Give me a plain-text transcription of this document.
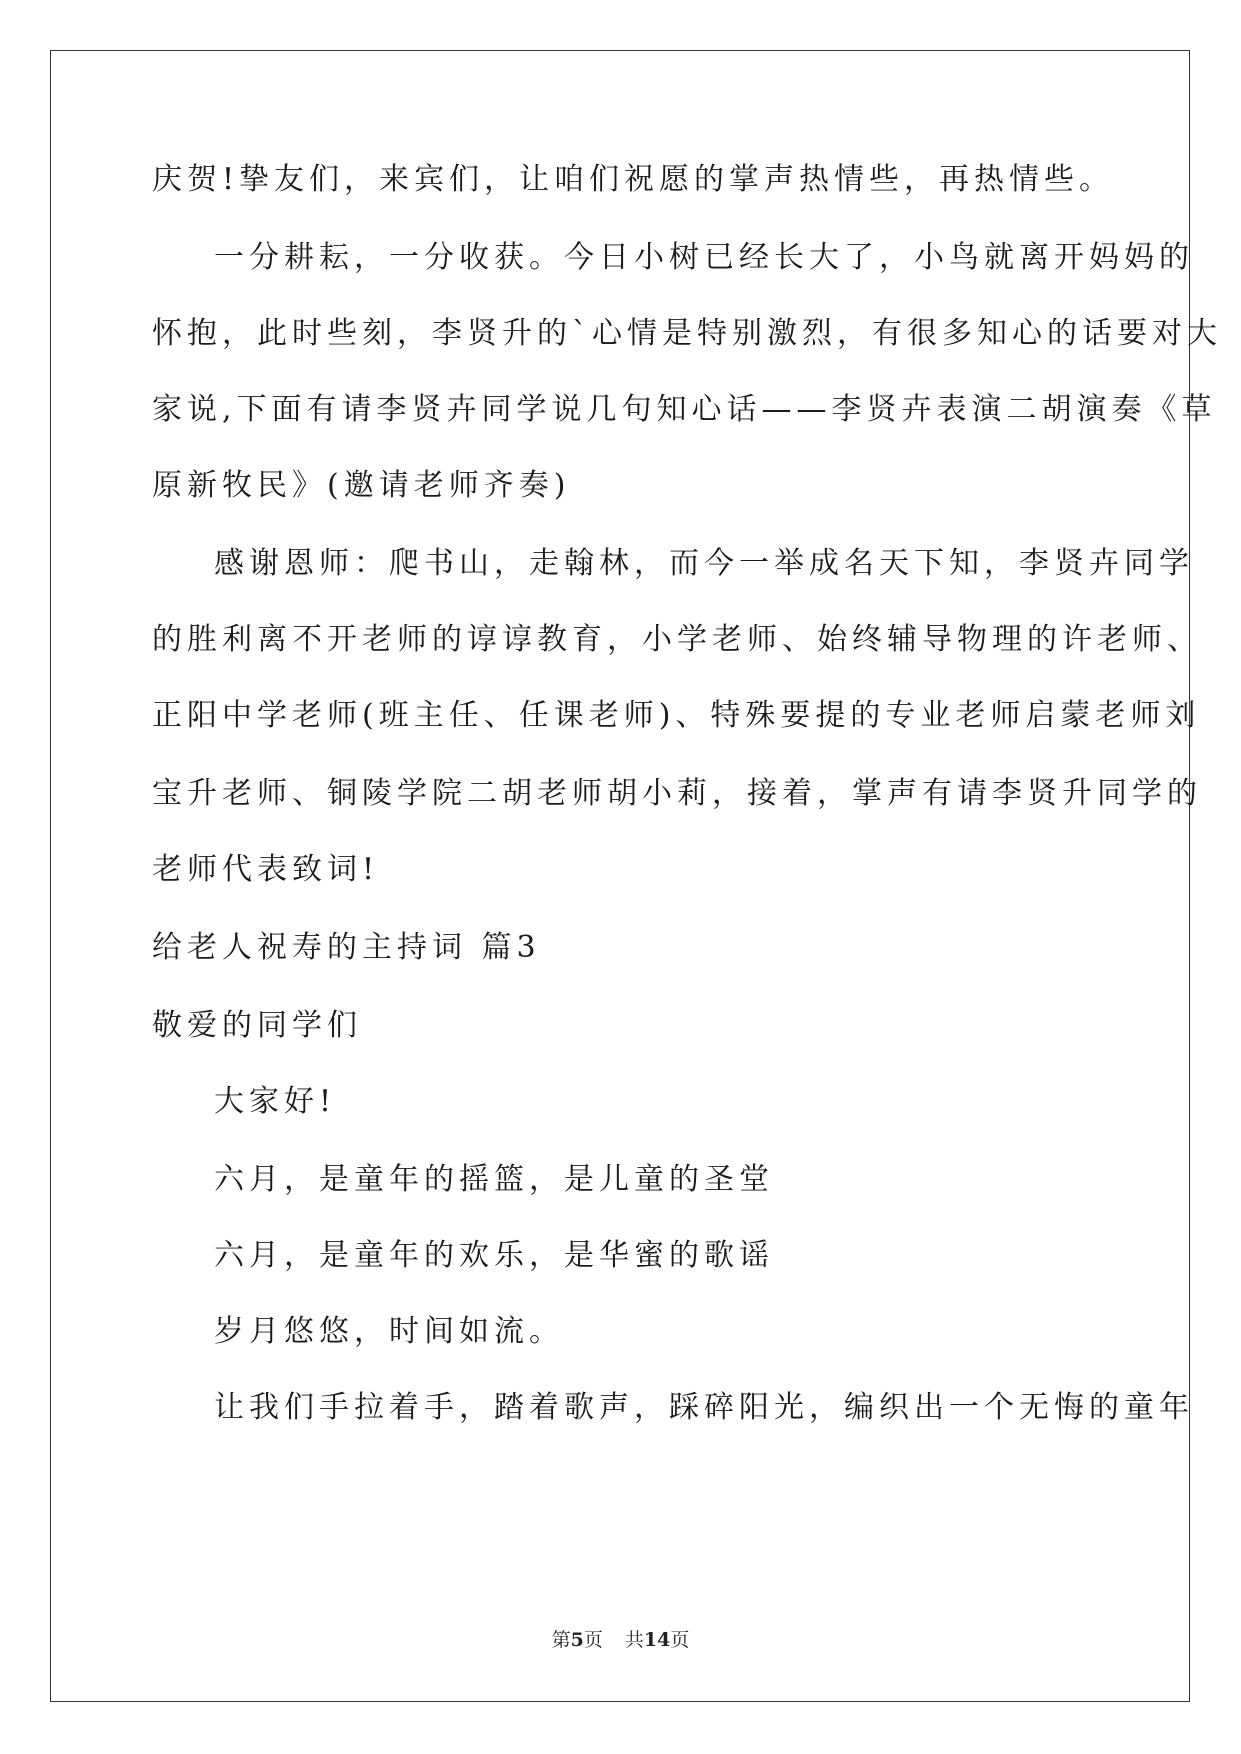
庆贺!挚友们，来宾们，让咱们祝愿的掌声热情些，再热情些。
一分耕耘，一分收获。今日小树已经长大了，小鸟就离开妈妈的
怀抱，此时些刻，李贤升的`心情是特别激烈，有很多知心的话要对大
家说,下面有请李贤卉同学说几句知心话——李贤卉表演二胡演奏《草
原新牧民》(邀请老师齐奏)
感谢恩师：爬书山，走翰林，而今一举成名天下知，李贤卉同学
的胜利离不开老师的谆谆教育，小学老师、始终辅导物理的许老师、
正阳中学老师(班主任、任课老师)、特殊要提的专业老师启蒙老师刘
宝升老师、铜陵学院二胡老师胡小莉，接着，掌声有请李贤升同学的
老师代表致词!
给老人祝寿的主持词 篇3
敬爱的同学们
大家好!
六月，是童年的摇篮，是儿童的圣堂
六月，是童年的欢乐，是华蜜的歌谣
岁月悠悠，时间如流。
让我们手拉着手，踏着歌声，踩碎阳光，编织出一个无悔的童年
第5页 共14页
